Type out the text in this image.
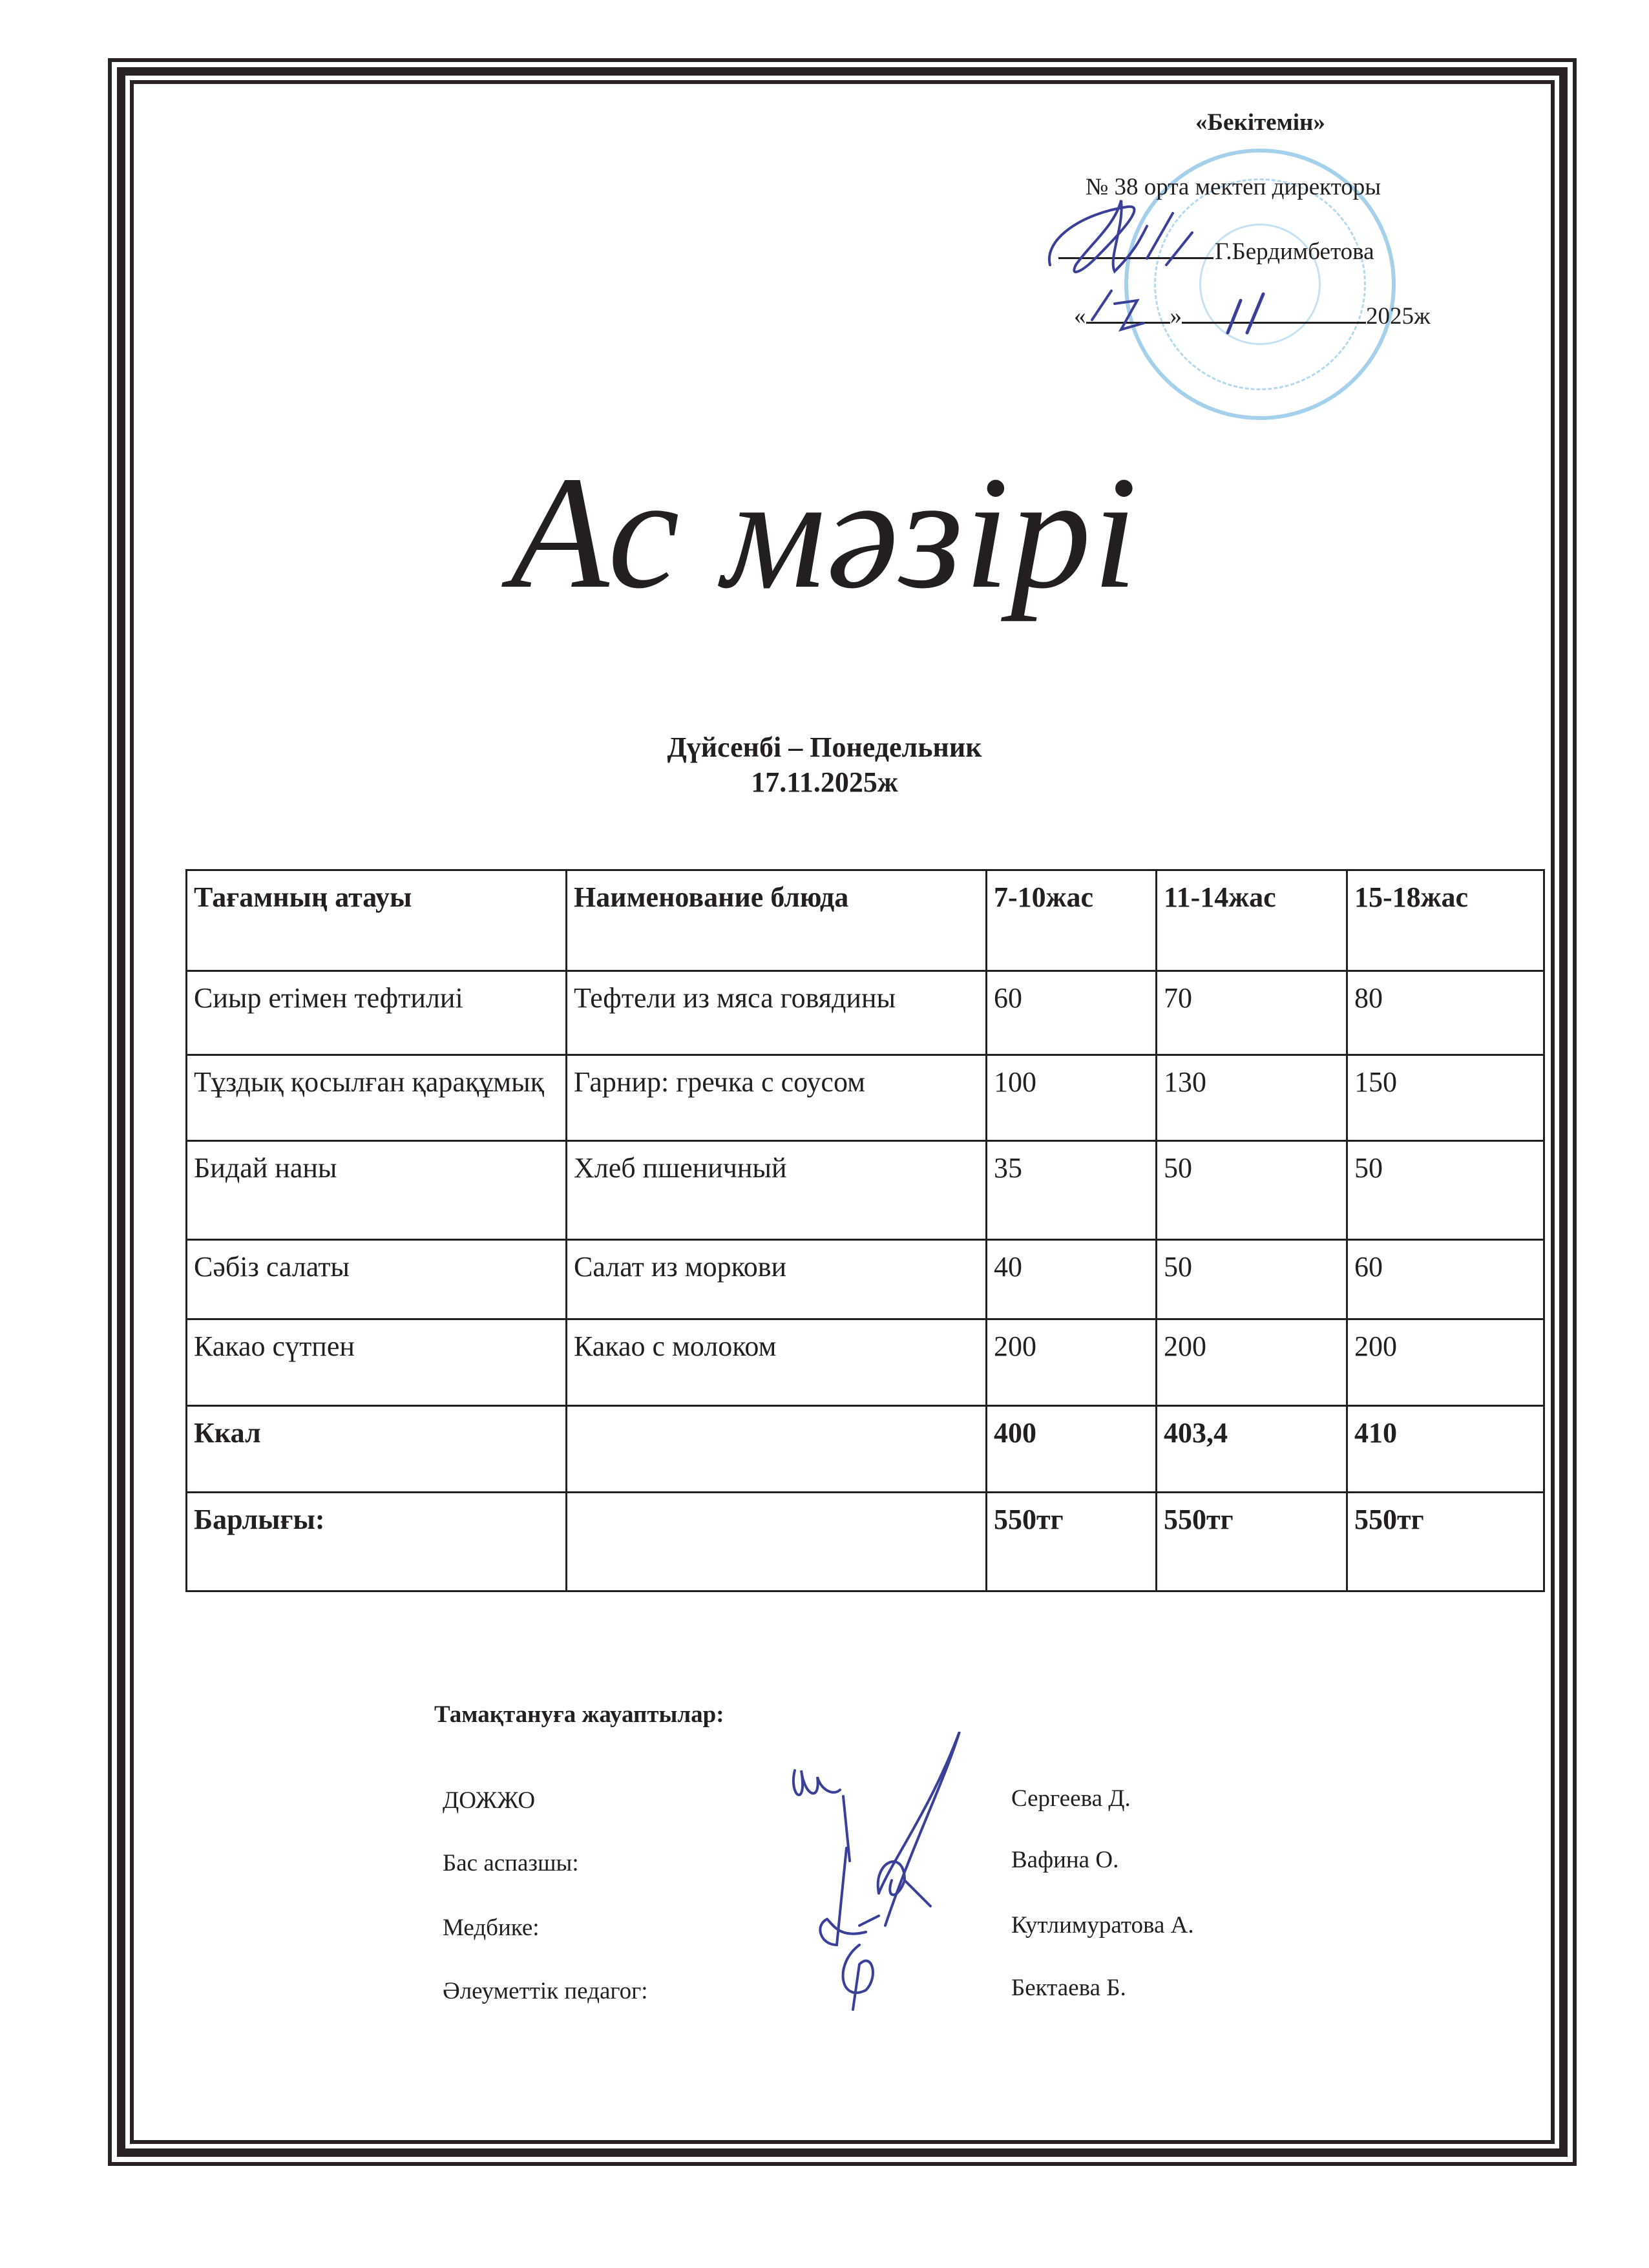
«Бекітемін»
№ 38 орта мектеп директоры
Г.Бердимбетова
«	»	2025ж
Ас мәзірі
Дүйсенбі – Понедельник
17.11.2025ж
Тағамның атауы	Наименование блюда	7-10жас	11-14жас	15-18жас
Сиыр етімен тефтилиі	Тефтели из мяса говядины	60	70	80
Тұздық қосылған қарақұмық	Гарнир: гречка с соусом	100	130	150
Бидай наны	Хлеб пшеничный	35	50	50
Сәбіз салаты	Салат из моркови	40	50	60
Какао сүтпен	Какао с молоком	200	200	200
Ккал		400	403,4	410
Барлығы:		550тг	550тг	550тг
Тамақтануға жауаптылар:
ДОЖЖО	Сергеева Д.
Бас аспазшы:	Вафина О.
Медбике:	Кутлимуратова А.
Әлеуметтік педагог:	Бектаева Б.
